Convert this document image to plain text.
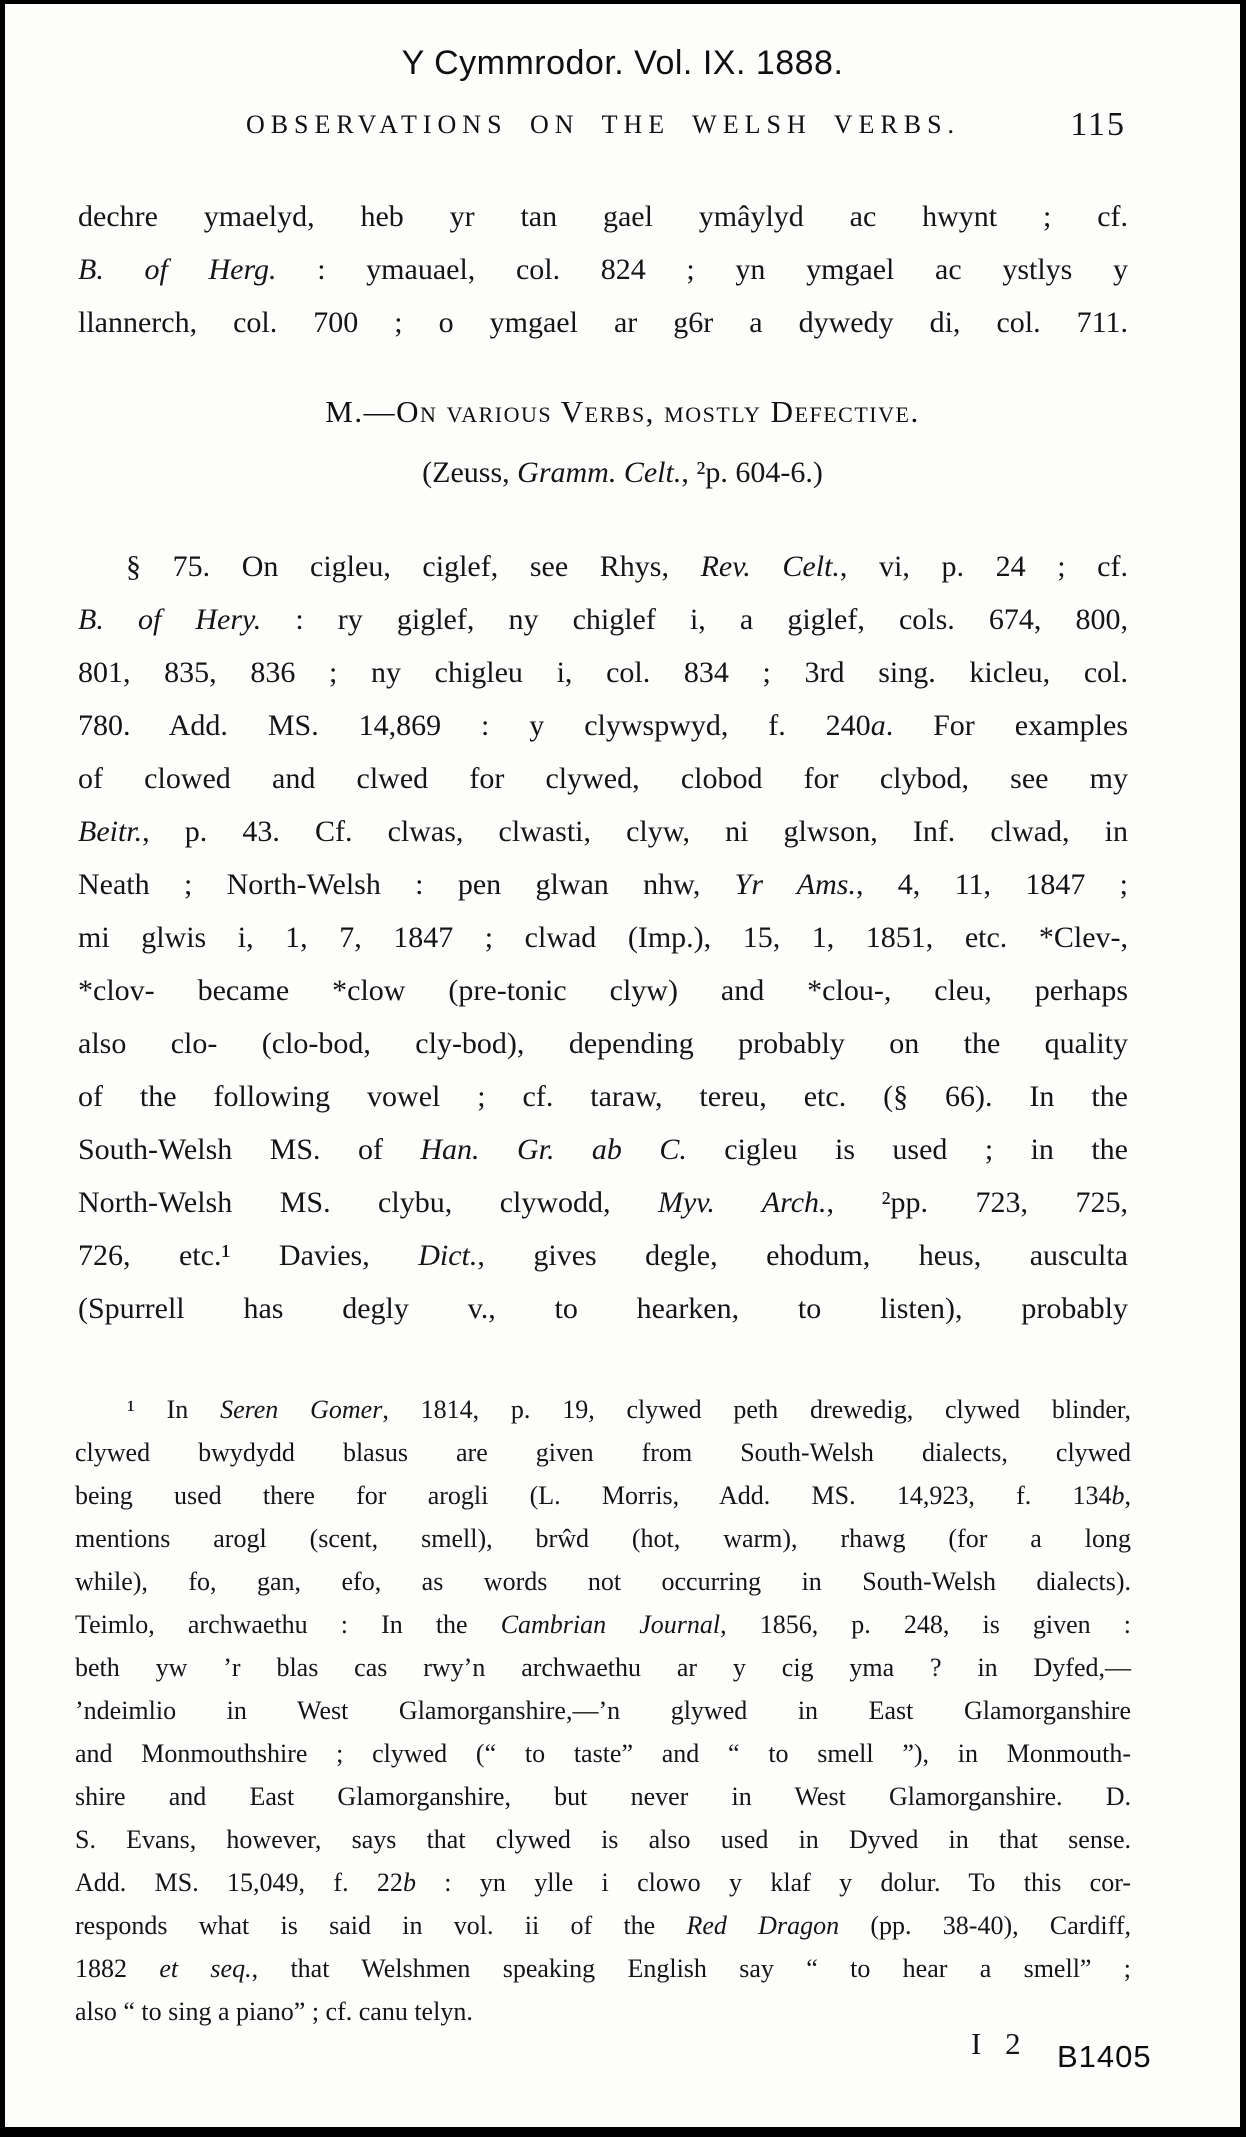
Y Cymmrodor. Vol. IX. 1888.
OBSERVATIONS ON THE WELSH VERBS.	115
dechre ymaelyd, heb yr tan gael ymâylyd ac hwynt ; cf.
B. of Herg. : ymauael, col. 824 ; yn ymgael ac ystlys y
llannerch, col. 700 ; o ymgael ar g6r a dywedy di, col. 711.
M.—On various Verbs, mostly Defective.
(Zeuss, Gramm. Celt., ²p. 604-6.)
§ 75. On cigleu, ciglef, see Rhys, Rev. Celt., vi, p. 24 ; cf.
B. of Hery. : ry giglef, ny chiglef i, a giglef, cols. 674, 800,
801, 835, 836 ; ny chigleu i, col. 834 ; 3rd sing. kicleu, col.
780. Add. MS. 14,869 : y clywspwyd, f. 240a. For examples
of clowed and clwed for clywed, clobod for clybod, see my
Beitr., p. 43. Cf. clwas, clwasti, clyw, ni glwson, Inf. clwad, in
Neath ; North-Welsh : pen glwan nhw, Yr Ams., 4, 11, 1847 ;
mi glwis i, 1, 7, 1847 ; clwad (Imp.), 15, 1, 1851, etc. *Clev-,
*clov- became *clow (pre-tonic clyw) and *clou-, cleu, perhaps
also clo- (clo-bod, cly-bod), depending probably on the quality
of the following vowel ; cf. taraw, tereu, etc. (§ 66). In the
South-Welsh MS. of Han. Gr. ab C. cigleu is used ; in the
North-Welsh MS. clybu, clywodd, Myv. Arch., ²pp. 723, 725,
726, etc.¹ Davies, Dict., gives degle, ehodum, heus, ausculta
(Spurrell has degly v., to hearken, to listen), probably
¹ In Seren Gomer, 1814, p. 19, clywed peth drewedig, clywed blinder,
clywed bwydydd blasus are given from South-Welsh dialects, clywed
being used there for arogli (L. Morris, Add. MS. 14,923, f. 134b,
mentions arogl (scent, smell), brŵd (hot, warm), rhawg (for a long
while), fo, gan, efo, as words not occurring in South-Welsh dialects).
Teimlo, archwaethu : In the Cambrian Journal, 1856, p. 248, is given :
beth yw ’r blas cas rwy’n archwaethu ar y cig yma ? in Dyfed,—
’ndeimlio in West Glamorganshire,—’n glywed in East Glamorganshire
and Monmouthshire ; clywed (“ to taste” and “ to smell ”), in Monmouth-
shire and East Glamorganshire, but never in West Glamorganshire. D.
S. Evans, however, says that clywed is also used in Dyved in that sense.
Add. MS. 15,049, f. 22b : yn ylle i clowo y klaf y dolur. To this cor-
responds what is said in vol. ii of the Red Dragon (pp. 38-40), Cardiff,
1882 et seq., that Welshmen speaking English say “ to hear a smell” ;
also “ to sing a piano” ; cf. canu telyn.
I 2 B1405
